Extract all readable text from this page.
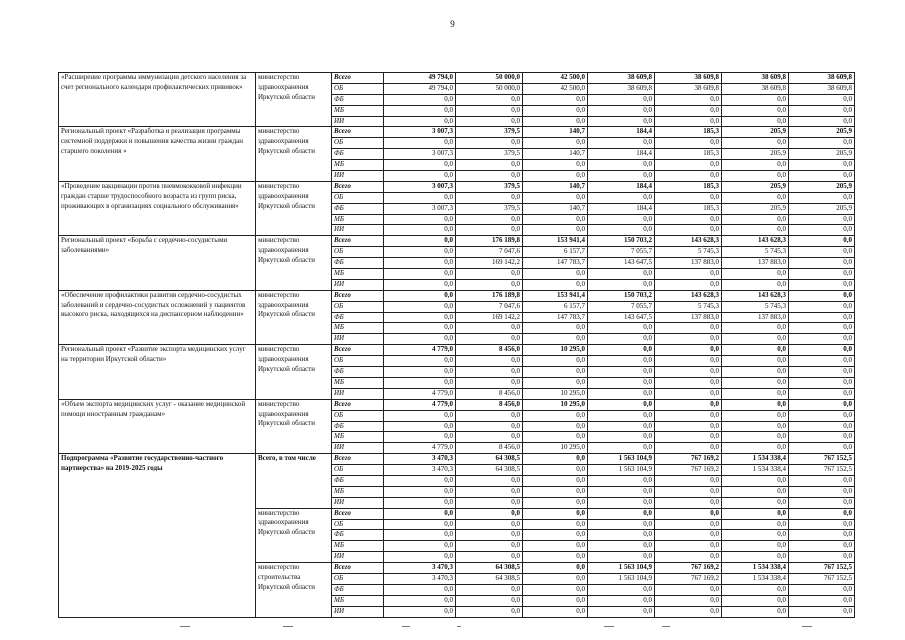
9
«Расширение программы иммунизации детского населения за счет регионального календаря профилактических прививок»	министерство здравоохранения Иркутской области	Всего	49 794,0	50 000,0	42 500,0	38 609,8	38 609,8	38 609,8	38 609,8
		ОБ	49 794,0	50 000,0	42 500,0	38 609,8	38 609,8	38 609,8	38 609,8
		ФБ	0,0	0,0	0,0	0,0	0,0	0,0	0,0
		МБ	0,0	0,0	0,0	0,0	0,0	0,0	0,0
		ИИ	0,0	0,0	0,0	0,0	0,0	0,0	0,0
Региональный проект «Разработка и реализация программы системной поддержки и повышения качества жизни граждан старшего поколения »	министерство здравоохранения Иркутской области	Всего	3 007,3	379,5	140,7	184,4	185,3	205,9	205,9
		ОБ	0,0	0,0	0,0	0,0	0,0	0,0	0,0
		ФБ	3 007,3	379,5	140,7	184,4	185,3	205,9	205,9
		МБ	0,0	0,0	0,0	0,0	0,0	0,0	0,0
		ИИ	0,0	0,0	0,0	0,0	0,0	0,0	0,0
«Проведение вакцинации против пневмококковой инфекции граждан старше трудоспособного возраста из групп риска, проживающих в организациях социального обслуживания»	министерство здравоохранения Иркутской области	Всего	3 007,3	379,5	140,7	184,4	185,3	205,9	205,9
		ОБ	0,0	0,0	0,0	0,0	0,0	0,0	0,0
		ФБ	3 007,3	379,5	140,7	184,4	185,3	205,9	205,9
		МБ	0,0	0,0	0,0	0,0	0,0	0,0	0,0
		ИИ	0,0	0,0	0,0	0,0	0,0	0,0	0,0
Региональный проект «Борьба с сердечно-сосудистыми заболеваниями»	министерство здравоохранения Иркутской области	Всего	0,0	176 189,8	153 941,4	150 703,2	143 628,3	143 628,3	0,0
		ОБ	0,0	7 047,6	6 157,7	7 055,7	5 745,3	5 745,3	0,0
		ФБ	0,0	169 142,2	147 783,7	143 647,5	137 883,0	137 883,0	0,0
		МБ	0,0	0,0	0,0	0,0	0,0	0,0	0,0
		ИИ	0,0	0,0	0,0	0,0	0,0	0,0	0,0
«Обеспечение профилактики развития сердечно-сосудистых заболеваний и сердечно-сосудистых осложнений у пациентов высокого риска, находящихся на диспансерном наблюдении»	министерство здравоохранения Иркутской области	Всего	0,0	176 189,8	153 941,4	150 703,2	143 628,3	143 628,3	0,0
		ОБ	0,0	7 047,6	6 157,7	7 055,7	5 745,3	5 745,3	0,0
		ФБ	0,0	169 142,2	147 783,7	143 647,5	137 883,0	137 883,0	0,0
		МБ	0,0	0,0	0,0	0,0	0,0	0,0	0,0
		ИИ	0,0	0,0	0,0	0,0	0,0	0,0	0,0
Региональный проект «Развитие экспорта медицинских услуг на территории Иркутской области»	министерство здравоохранения Иркутской области	Всего	4 779,0	8 456,0	10 295,0	0,0	0,0	0,0	0,0
		ОБ	0,0	0,0	0,0	0,0	0,0	0,0	0,0
		ФБ	0,0	0,0	0,0	0,0	0,0	0,0	0,0
		МБ	0,0	0,0	0,0	0,0	0,0	0,0	0,0
		ИИ	4 779,0	8 456,0	10 295,0	0,0	0,0	0,0	0,0
«Объем экспорта медицинских услуг - оказание медицинской помощи иностранным гражданам»	министерство здравоохранения Иркутской области	Всего	4 779,0	8 456,0	10 295,0	0,0	0,0	0,0	0,0
		ОБ	0,0	0,0	0,0	0,0	0,0	0,0	0,0
		ФБ	0,0	0,0	0,0	0,0	0,0	0,0	0,0
		МБ	0,0	0,0	0,0	0,0	0,0	0,0	0,0
		ИИ	4 779,0	8 456,0	10 295,0	0,0	0,0	0,0	0,0
Подпрограмма «Развитие государственно-частного партнерства» на 2019-2025 годы	Всего, в том числе	Всего	3 470,3	64 308,5	0,0	1 563 104,9	767 169,2	1 534 338,4	767 152,5
		ОБ	3 470,3	64 308,5	0,0	1 563 104,9	767 169,2	1 534 338,4	767 152,5
		ФБ	0,0	0,0	0,0	0,0	0,0	0,0	0,0
		МБ	0,0	0,0	0,0	0,0	0,0	0,0	0,0
		ИИ	0,0	0,0	0,0	0,0	0,0	0,0	0,0
	министерство здравоохранения Иркутской области	Всего	0,0	0,0	0,0	0,0	0,0	0,0	0,0
		ОБ	0,0	0,0	0,0	0,0	0,0	0,0	0,0
		ФБ	0,0	0,0	0,0	0,0	0,0	0,0	0,0
		МБ	0,0	0,0	0,0	0,0	0,0	0,0	0,0
		ИИ	0,0	0,0	0,0	0,0	0,0	0,0	0,0
	министерство строительства Иркутской области	Всего	3 470,3	64 308,5	0,0	1 563 104,9	767 169,2	1 534 338,4	767 152,5
		ОБ	3 470,3	64 308,5	0,0	1 563 104,9	767 169,2	1 534 338,4	767 152,5
		ФБ	0,0	0,0	0,0	0,0	0,0	0,0	0,0
		МБ	0,0	0,0	0,0	0,0	0,0	0,0	0,0
		ИИ	0,0	0,0	0,0	0,0	0,0	0,0	0,0
